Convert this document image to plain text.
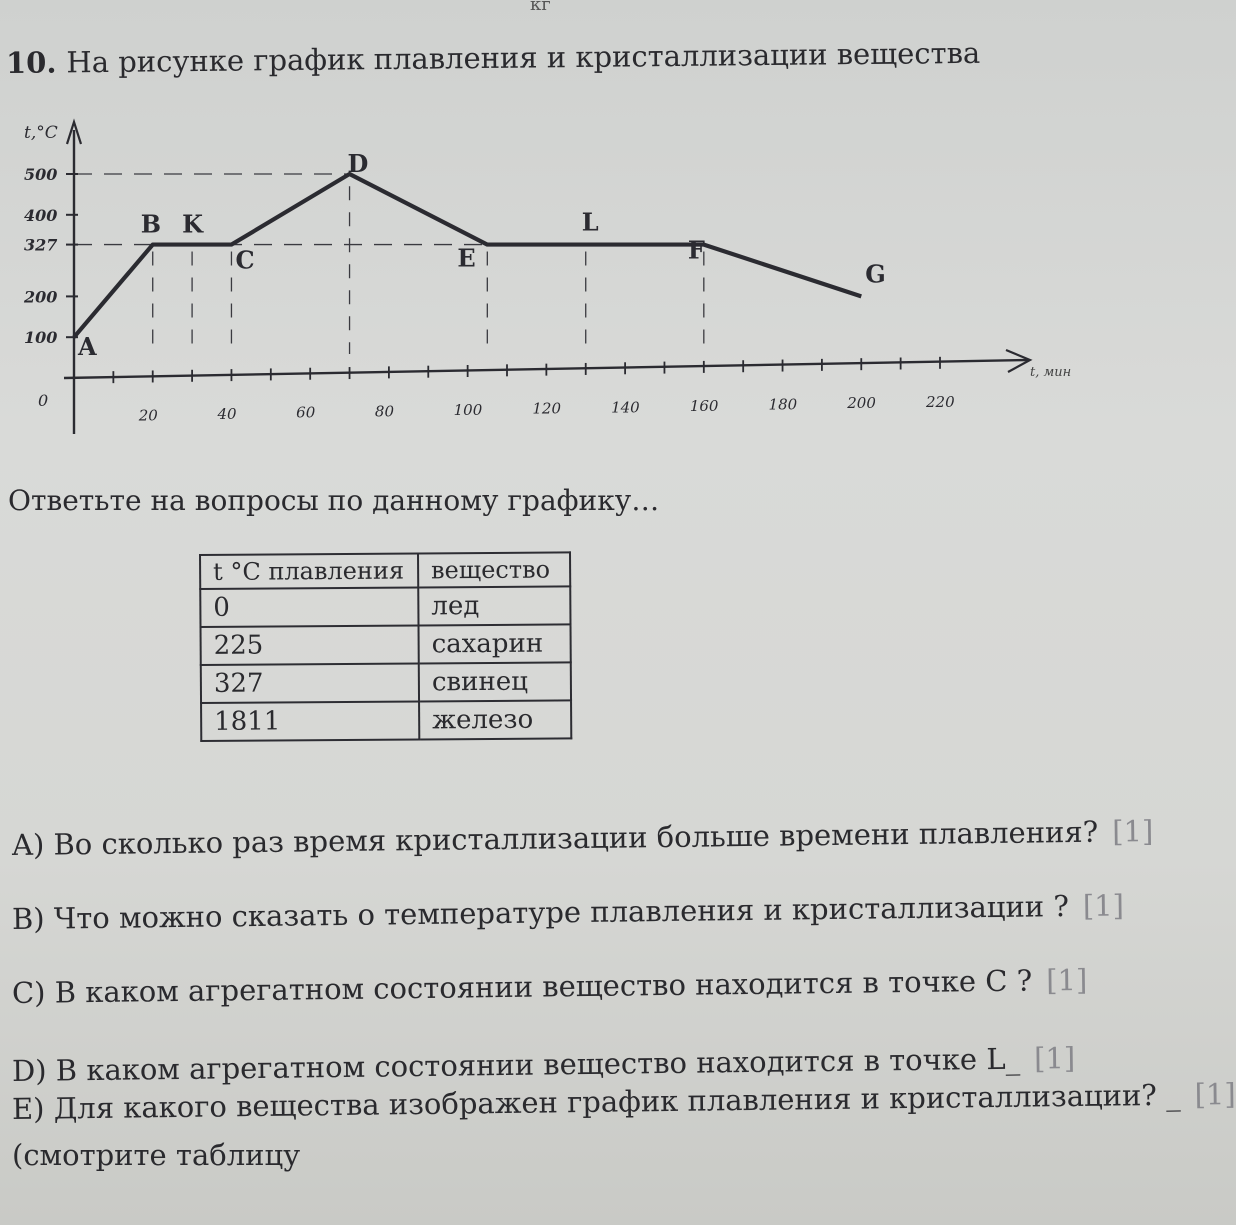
кг
10. На рисунке график плавления и кристаллизации вещества
t,°C
t, мин
0
100
200
327
400
500
20	40	60	80	100	120	140	160	180	200	220
A
B K
C
D
E
L
F
G
Ответьте на вопросы по данному графику…
t °C плавления	вещество
0	лед
225	сахарин
327	свинец
1811	железо
A) Во сколько раз время кристаллизации больше времени плавления? [1]
B) Что можно сказать о температуре плавления и кристаллизации ? [1]
C) В каком агрегатном состоянии вещество находится в точке C ? [1]
D) В каком агрегатном состоянии вещество находится в точке L_ [1]
E) Для какого вещества изображен график плавления и кристаллизации? _ [1]
(смотрите таблицу
